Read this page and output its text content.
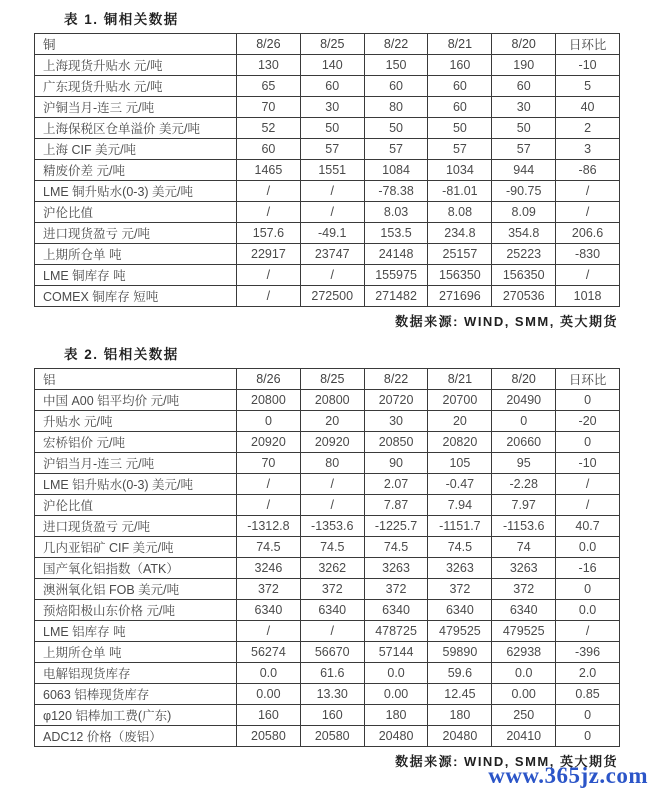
表 1. 铜相关数据
铜	8/26	8/25	8/22	8/21	8/20	日环比
上海现货升贴水 元/吨	130	140	150	160	190	-10
广东现货升贴水 元/吨	65	60	60	60	60	5
沪铜当月-连三 元/吨	70	30	80	60	30	40
上海保税区仓单溢价 美元/吨	52	50	50	50	50	2
上海 CIF 美元/吨	60	57	57	57	57	3
精废价差 元/吨	1465	1551	1084	1034	944	-86
LME 铜升贴水(0-3) 美元/吨	/	/	-78.38	-81.01	-90.75	/
沪伦比值	/	/	8.03	8.08	8.09	/
进口现货盈亏 元/吨	157.6	-49.1	153.5	234.8	354.8	206.6
上期所仓单 吨	22917	23747	24148	25157	25223	-830
LME 铜库存 吨	/	/	155975	156350	156350	/
COMEX 铜库存 短吨	/	272500	271482	271696	270536	1018
数据来源: WIND, SMM, 英大期货
表 2. 铝相关数据
铝	8/26	8/25	8/22	8/21	8/20	日环比
中国 A00 铝平均价 元/吨	20800	20800	20720	20700	20490	0
升贴水 元/吨	0	20	30	20	0	-20
宏桥铝价 元/吨	20920	20920	20850	20820	20660	0
沪铝当月-连三 元/吨	70	80	90	105	95	-10
LME 铝升贴水(0-3) 美元/吨	/	/	2.07	-0.47	-2.28	/
沪伦比值	/	/	7.87	7.94	7.97	/
进口现货盈亏 元/吨	-1312.8	-1353.6	-1225.7	-1151.7	-1153.6	40.7
几内亚铝矿 CIF 美元/吨	74.5	74.5	74.5	74.5	74	0.0
国产氧化铝指数（ATK）	3246	3262	3263	3263	3263	-16
澳洲氧化铝 FOB 美元/吨	372	372	372	372	372	0
预焙阳极山东价格 元/吨	6340	6340	6340	6340	6340	0.0
LME 铝库存 吨	/	/	478725	479525	479525	/
上期所仓单 吨	56274	56670	57144	59890	62938	-396
电解铝现货库存	0.0	61.6	0.0	59.6	0.0	2.0
6063 铝棒现货库存	0.00	13.30	0.00	12.45	0.00	0.85
φ120 铝棒加工费(广东)	160	160	180	180	250	0
ADC12 价格（废铝）	20580	20580	20480	20480	20410	0
数据来源: WIND, SMM, 英大期货
www.365jz.com
